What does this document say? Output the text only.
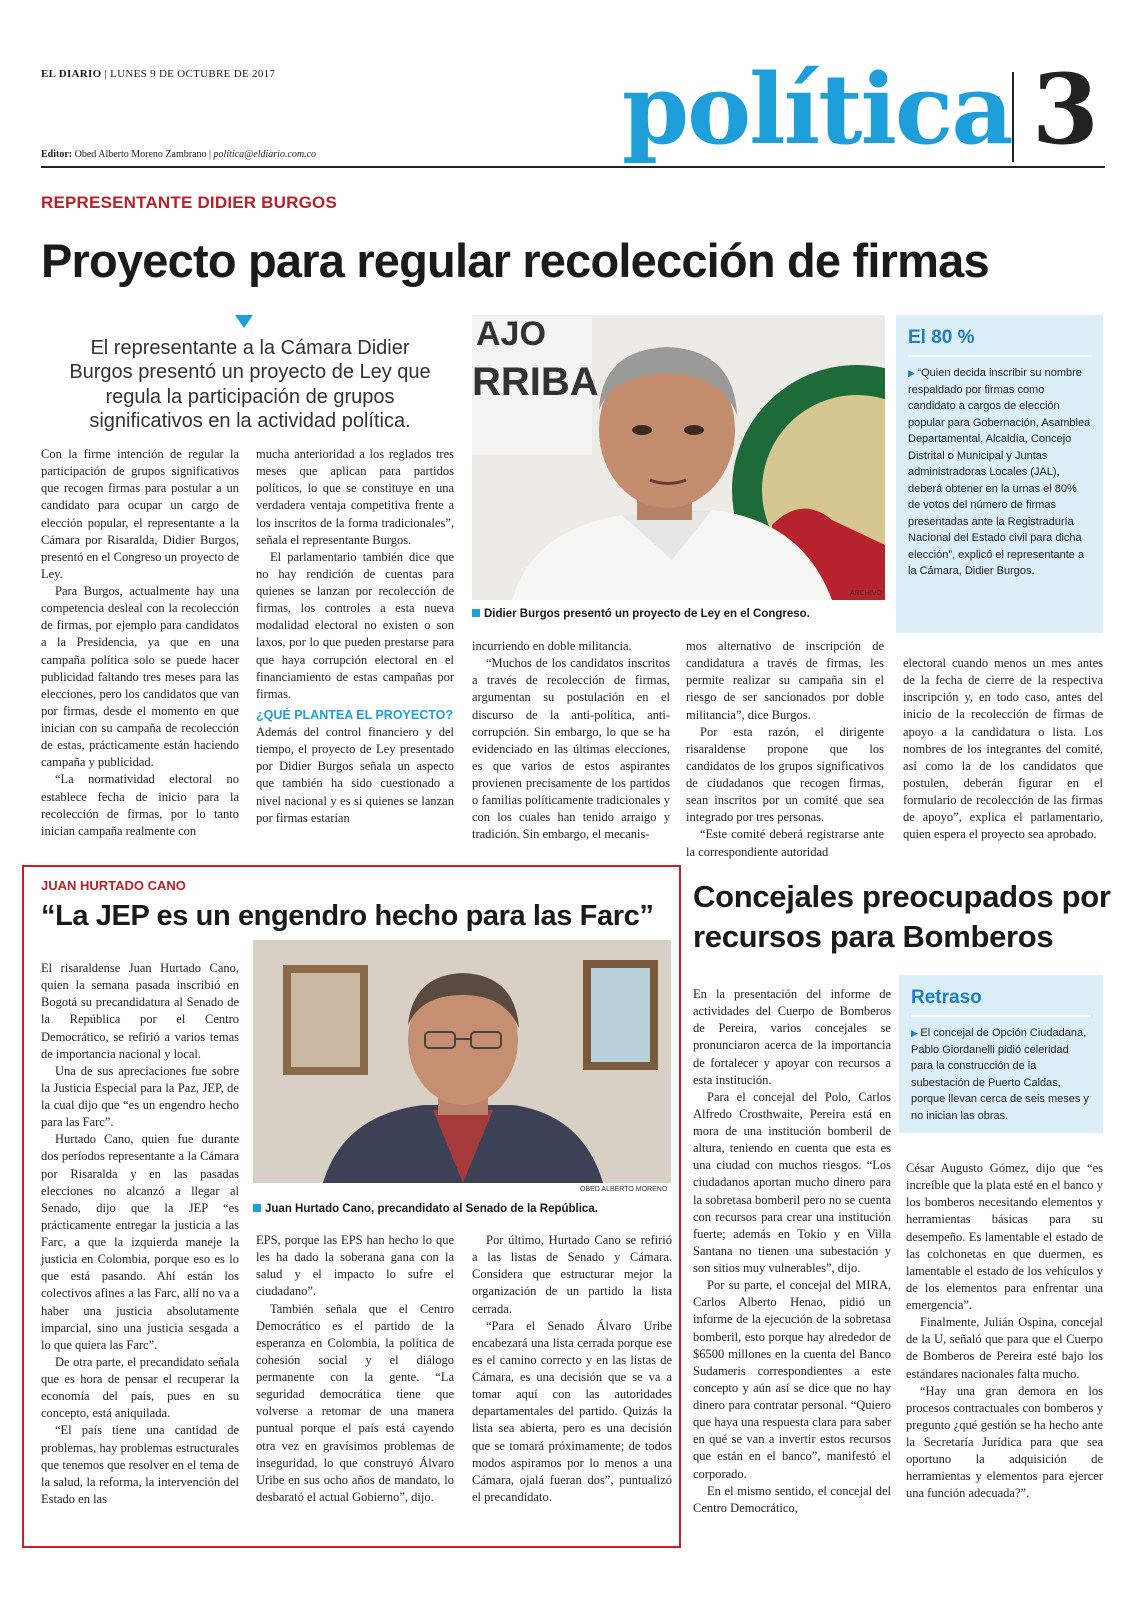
EL DIARIO | LUNES 9 DE OCTUBRE DE 2017
Editor: Obed Alberto Moreno Zambrano | política@eldiario.com.co	política 3
REPRESENTANTE DIDIER BURGOS
Proyecto para regular recolección de firmas
El representante a la Cámara Didier Burgos presentó un proyecto de Ley que regula la participación de grupos significativos en la actividad política.

Con la firme intención de regular la participación de grupos significativos que recogen firmas para postular a un candidato para ocupar un cargo de elección popular, el representante a la Cámara por Risaralda, Didier Burgos, presentó en el Congreso un proyecto de Ley.

Para Burgos, actualmente hay una competencia desleal con la recolección de firmas, por ejemplo para candidatos a la Presidencia, ya que en una campaña política solo se puede hacer publicidad faltando tres meses para las elecciones, pero los candidatos que van por firmas, desde el momento en que inician con su campaña de recolección de estas, prácticamente están haciendo campaña y publicidad.

“La normatividad electoral no establece fecha de inicio para la recolección de firmas, por lo tanto inician campaña realmente con

mucha anterioridad a los reglados tres meses que aplican para partidos políticos, lo que se constituye en una verdadera ventaja competitiva frente a los inscritos de la forma tradicionales”, señala el representante Burgos.

El parlamentario también dice que no hay rendición de cuentas para quienes se lanzan por recolección de firmas, los controles a esta nueva modalidad electoral no existen o son laxos, por lo que pueden prestarse para que haya corrupción electoral en el financiamiento de estas campañas por firmas.

¿QUÉ PLANTEA EL PROYECTO?

Además del control financiero y del tiempo, el proyecto de Ley presentado por Didier Burgos señala un aspecto que también ha sido cuestionado a nivel nacional y es si quienes se lanzan por firmas estarían

AJO
RRIBA
ARCHIVO
Didier Burgos presentó un proyecto de Ley en el Congreso.

incurriendo en doble militancia.

“Muchos de los candidatos inscritos a través de recolección de firmas, argumentan su postulación en el discurso de la anti-política, anti-corrupción. Sin embargo, lo que se ha evidenciado en las últimas elecciones, es que varios de estos aspirantes provienen precisamente de los partidos o familias políticamente tradicionales y con los cuales han tenido arraigo y tradición. Sin embargo, el mecanis-

mos alternativo de inscripción de candidatura a través de firmas, les permite realizar su campaña sin el riesgo de ser sancionados por doble militancia”, dice Burgos.

Por esta razón, el dirigente risaraldense propone que los candidatos de los grupos significativos de ciudadanos que recogen firmas, sean inscritos por un comité que sea integrado por tres personas.

“Este comité deberá registrarse ante la correspondiente autoridad

electoral cuando menos un mes antes de la fecha de cierre de la respectiva inscripción y, en todo caso, antes del inicio de la recolección de firmas de apoyo a la candidatura o lista. Los nombres de los integrantes del comité, así como la de los candidatos que postulen, deberán figurar en el formulario de recolección de las firmas de apoyo”, explica el parlamentario, quien espera el proyecto sea aprobado.

El 80 %
▶ “Quien decida inscribir su nombre respaldado por firmas como candidato a cargos de elección popular para Gobernación, Asamblea Departamental, Alcaldía, Concejo Distrital o Municipal y Juntas administradoras Locales (JAL), deberá obtener en la urnas el 80% de votos del número de firmas presentadas ante la Registraduría Nacional del Estado civil para dicha elección”, explicó el representante a la Cámara, Didier Burgos.
JUAN HURTADO CANO
“La JEP es un engendro hecho para las Farc”

El risaraldense Juan Hurtado Cano, quien la semana pasada inscribió en Bogotá su precandidatura al Senado de la República por el Centro Democrático, se refirió a varios temas de importancia nacional y local.

Una de sus apreciaciones fue sobre la Justicia Especial para la Paz, JEP, de la cual dijo que “es un engendro hecho para las Farc”.

Hurtado Cano, quien fue durante dos períodos representante a la Cámara por Risaralda y en las pasadas elecciones no alcanzó a llegar al Senado, dijo que la JEP “es prácticamente entregar la justicia a las Farc, a que la izquierda maneje la justicia en Colombia, porque eso es lo que está pasando. Ahí están los colectivos afines a las Farc, allí no va a haber una justicia absolutamente imparcial, sino una justicia sesgada a lo que quiera las Farc”.

De otra parte, el precandidato señala que es hora de pensar el recuperar la economía del país, pues en su concepto, está aniquilada.

“El país tiene una cantidad de problemas, hay problemas estructurales que tenemos que resolver en el tema de la salud, la reforma, la intervención del Estado en las

OBED ALBERTO MORENO
Juan Hurtado Cano, precandidato al Senado de la República.

EPS, porque las EPS han hecho lo que les ha dado la soberana gana con la salud y el impacto lo sufre el ciudadano”.

También señala que el Centro Democrático es el partido de la esperanza en Colombia, la política de cohesión social y el diálogo permanente con la gente. “La seguridad democrática tiene que volverse a retomar de una manera puntual porque el país está cayendo otra vez en gravísimos problemas de inseguridad, lo que construyó Álvaro Uribe en sus ocho años de mandato, lo desbarató el actual Gobierno”, dijo.

Por último, Hurtado Cano se refirió a las listas de Senado y Cámara. Considera que estructurar mejor la organización de un partido la lista cerrada.

“Para el Senado Álvaro Uribe encabezará una lista cerrada porque ese es el camino correcto y en las listas de Cámara, es una decisión que se va a tomar aquí con las autoridades departamentales del partido. Quizás la lista sea abierta, pero es una decisión que se tomará próximamente; de todos modos aspiramos por lo menos a una Cámara, ojalá fueran dos”, puntualizó el precandidato.

Concejales preocupados por recursos para Bomberos

En la presentación del informe de actividades del Cuerpo de Bomberos de Pereira, varios concejales se pronunciaron acerca de la importancia de fortalecer y apoyar con recursos a esta institución.

Para el concejal del Polo, Carlos Alfredo Crosthwaite, Pereira está en mora de una institución bomberil de altura, teniendo en cuenta que esta es una ciudad con muchos riesgos. “Los ciudadanos aportan mucho dinero para la sobretasa bomberil pero no se cuenta con recursos para crear una institución fuerte; además en Tokio y en Villa Santana no tienen una subestación y son sitios muy vulnerables”, dijo.

Por su parte, el concejal del MIRA, Carlos Alberto Henao, pidió un informe de la ejecución de la sobretasa bomberil, esto porque hay alrededor de $6500 millones en la cuenta del Banco Sudameris correspondientes a este concepto y aún así se dice que no hay dinero para contratar personal. “Quiero que haya una respuesta clara para saber en qué se van a invertir estos recursos que están en el banco”, manifestó el corporado.

En el mismo sentido, el concejal del Centro Democrático,

Retraso
▶ El concejal de Opción Ciudadana, Pablo Giordanelli pidió celeridad para la construcción de la subestación de Puerto Caldas, porque llevan cerca de seis meses y no inician las obras.

César Augusto Gómez, dijo que “es increíble que la plata esté en el banco y los bomberos necesitando elementos y herramientas básicas para su desempeño. Es lamentable el estado de las colchonetas en que duermen, es lamentable el estado de los vehículos y de los elementos para enfrentar una emergencia”.

Finalmente, Julián Ospina, concejal de la U, señaló que para que el Cuerpo de Bomberos de Pereira esté bajo los estándares nacionales falta mucho.

“Hay una gran demora en los procesos contractuales con bomberos y pregunto ¿qué gestión se ha hecho ante la Secretaría Jurídica para que sea oportuno la adquisición de herramientas y elementos para ejercer una función adecuada?”.
